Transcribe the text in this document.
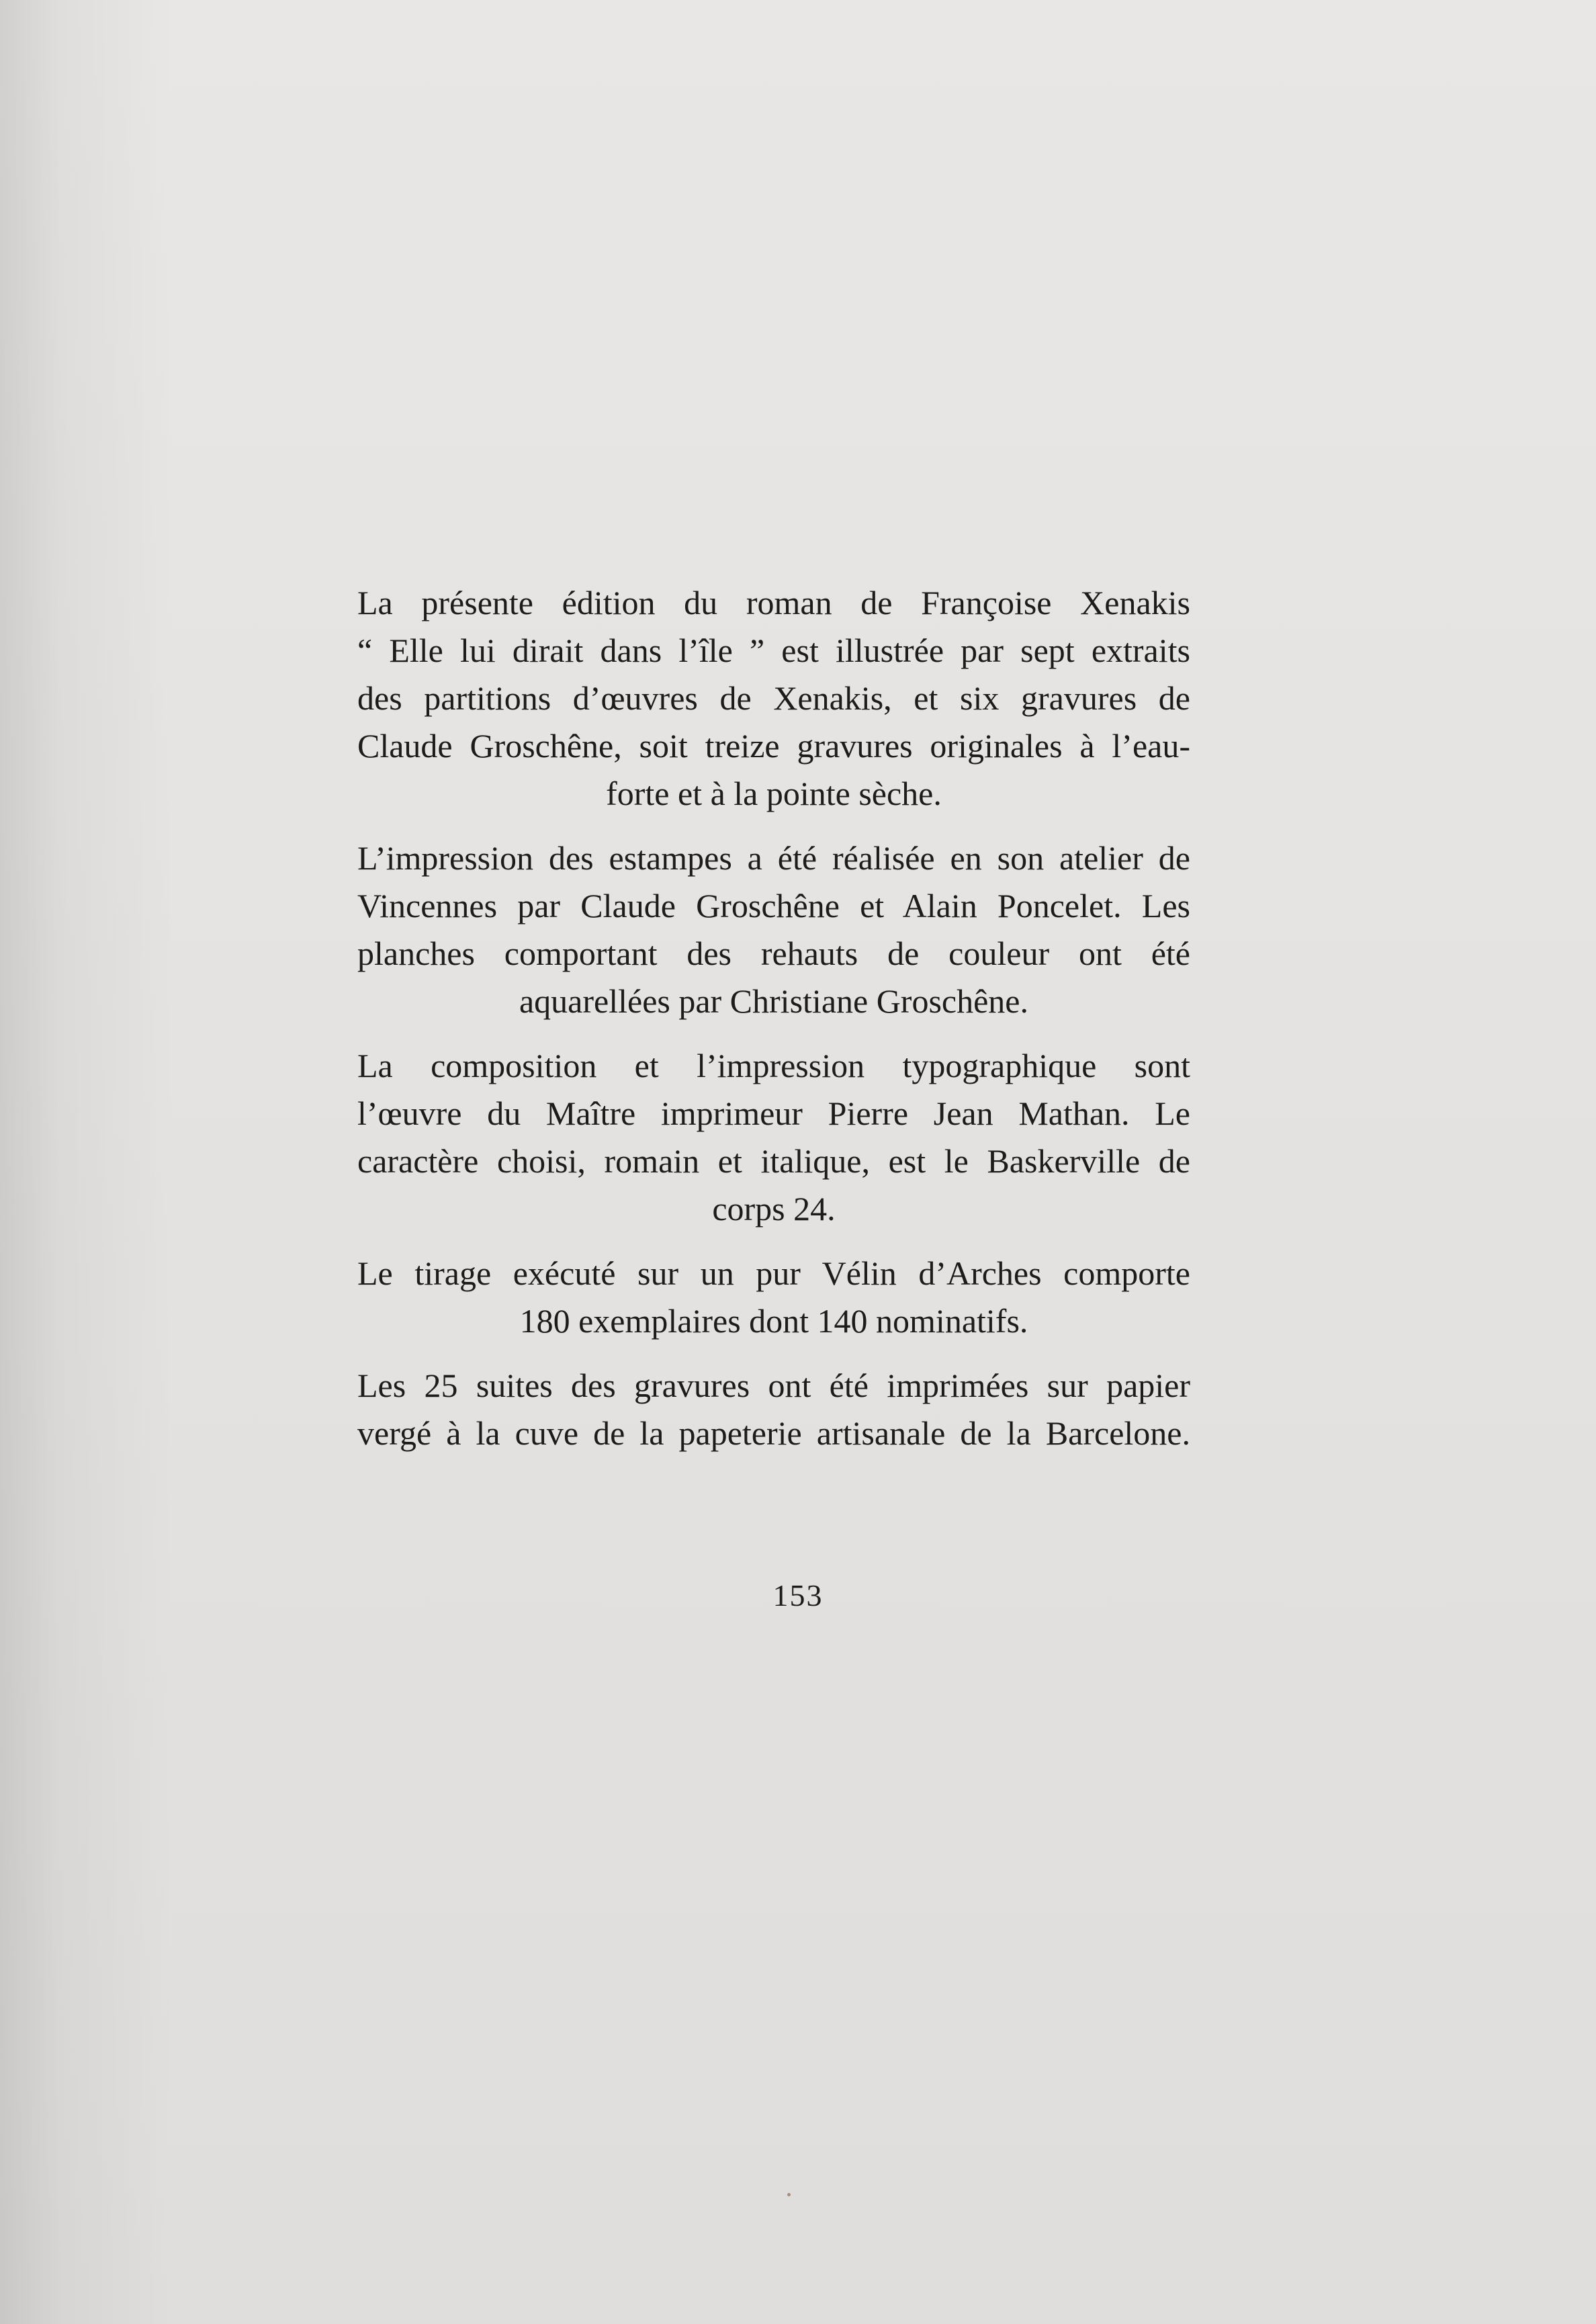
La présente édition du roman de Françoise Xenakis
“ Elle lui dirait dans l’île ” est illustrée par sept extraits
des partitions d’œuvres de Xenakis, et six gravures de
Claude Groschêne, soit treize gravures originales à l’eau-
forte et à la pointe sèche.

L’impression des estampes a été réalisée en son atelier de
Vincennes par Claude Groschêne et Alain Poncelet. Les
planches comportant des rehauts de couleur ont été
aquarellées par Christiane Groschêne.

La composition et l’impression typographique sont
l’œuvre du Maître imprimeur Pierre Jean Mathan. Le
caractère choisi, romain et italique, est le Baskerville de
corps 24.

Le tirage exécuté sur un pur Vélin d’Arches comporte
180 exemplaires dont 140 nominatifs.

Les 25 suites des gravures ont été imprimées sur papier
vergé à la cuve de la papeterie artisanale de la Barcelone.

153
